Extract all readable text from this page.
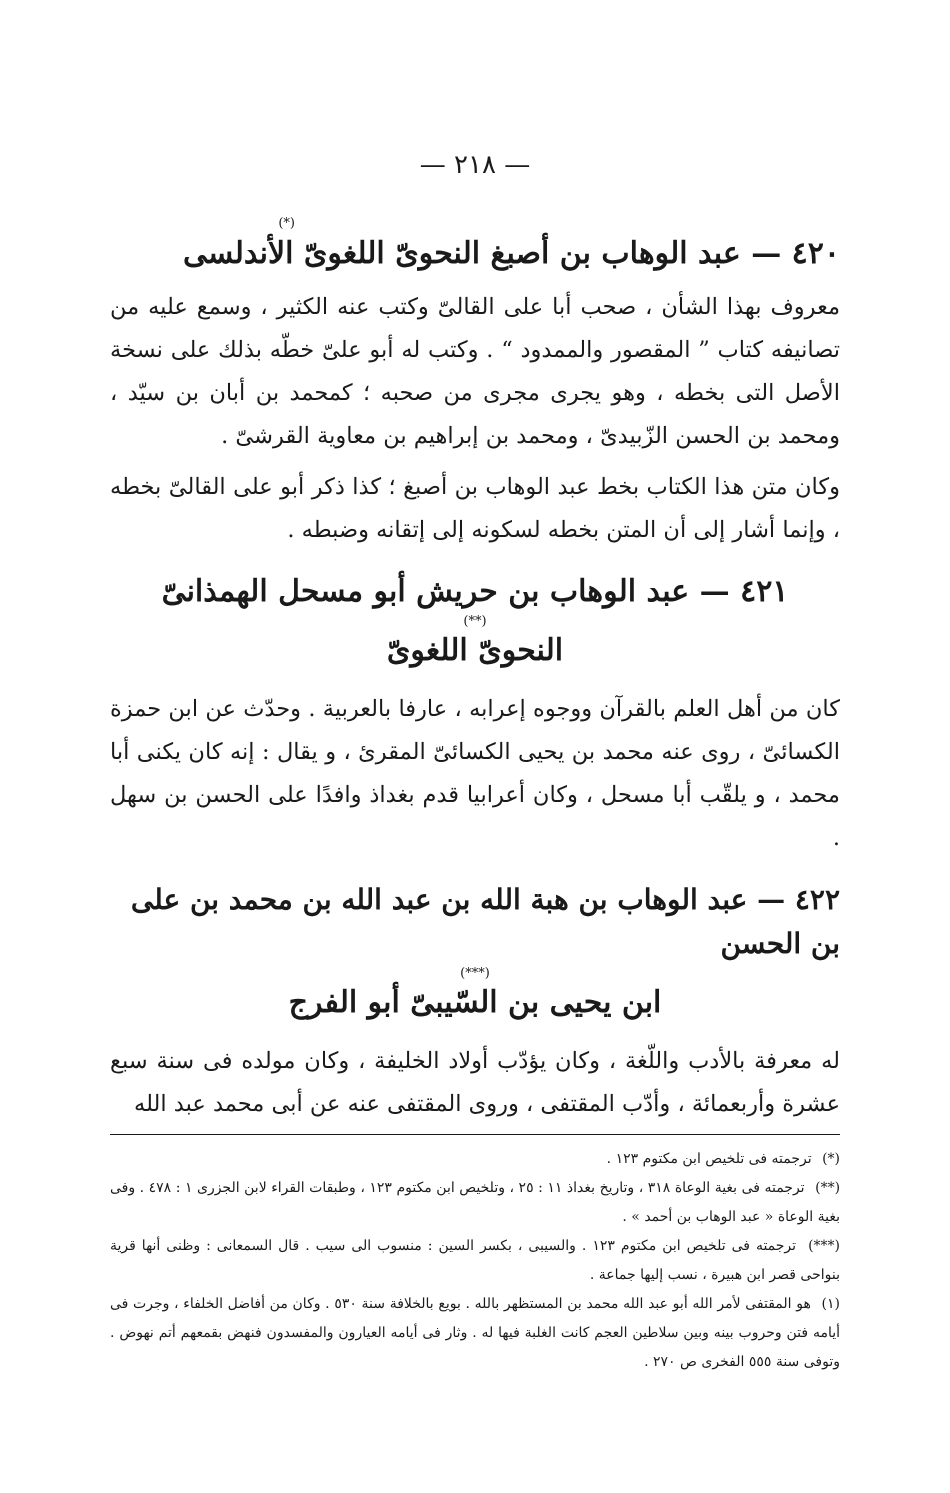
— ٢١٨ —
(*)
٤٢٠ — عبد الوهاب بن أصبغ النحوىّ اللغوىّ الأندلسى

معروف بهذا الشأن ، صحب أبا على القالىّ وكتب عنه الكثير ، وسمع عليه من تصانيفه كتاب ” المقصور والممدود “ . وكتب له أبو علىّ خطّه بذلك على نسخة الأصل التى بخطه ، وهو يجرى مجرى من صحبه ؛ كمحمد بن أبان بن سيّد ، ومحمد بن الحسن الزّبيدىّ ، ومحمد بن إبراهيم بن معاوية القرشىّ .

وكان متن هذا الكتاب بخط عبد الوهاب بن أصبغ ؛ كذا ذكر أبو على القالىّ بخطه ، وإنما أشار إلى أن المتن بخطه لسكونه إلى إتقانه وضبطه .

٤٢١ — عبد الوهاب بن حريش أبو مسحل الهمذانىّ
(**)
النحوىّ اللغوىّ

كان من أهل العلم بالقرآن ووجوه إعرابه ، عارفا بالعربية . وحدّث عن ابن حمزة الكسائىّ ، روى عنه محمد بن يحيى الكسائىّ المقرئ ، و يقال : إنه كان يكنى أبا محمد ، و يلقّب أبا مسحل ، وكان أعرابيا قدم بغداذ وافدًا على الحسن بن سهل .

٤٢٢ — عبد الوهاب بن هبة الله بن عبد الله بن محمد بن على بن الحسن
(***)
ابن يحيى بن السّيبىّ أبو الفرج

له معرفة بالأدب واللّغة ، وكان يؤدّب أولاد الخليفة ، وكان مولده فى سنة سبع عشرة وأربعمائة ، وأدّب المقتفى ، وروى المقتفى عنه عن أبى محمد عبد الله

(*) ترجمته فى تلخيص ابن مكتوم ١٢٣ .

(**) ترجمته فى بغية الوعاة ٣١٨ ، وتاريخ بغداذ ١١ : ٢٥ ، وتلخيص ابن مكتوم ١٢٣ ، وطبقات القراء لابن الجزرى ١ : ٤٧٨ . وفى بغية الوعاة « عبد الوهاب بن أحمد » .

(***) ترجمته فى تلخيص ابن مكتوم ١٢٣ . والسيبى ، بكسر السين : منسوب الى سيب . قال السمعانى : وظنى أنها قرية بنواحى قصر ابن هبيرة ، نسب إليها جماعة .

(١) هو المقتفى لأمر الله أبو عبد الله محمد بن المستظهر بالله . بويع بالخلافة سنة ٥٣٠ . وكان من أفاضل الخلفاء ، وجرت فى أيامه فتن وحروب بينه وبين سلاطين العجم كانت الغلبة فيها له . وثار فى أيامه العيارون والمفسدون فنهض بقمعهم أتم نهوض . وتوفى سنة ٥٥٥ الفخرى ص ٢٧٠ .
